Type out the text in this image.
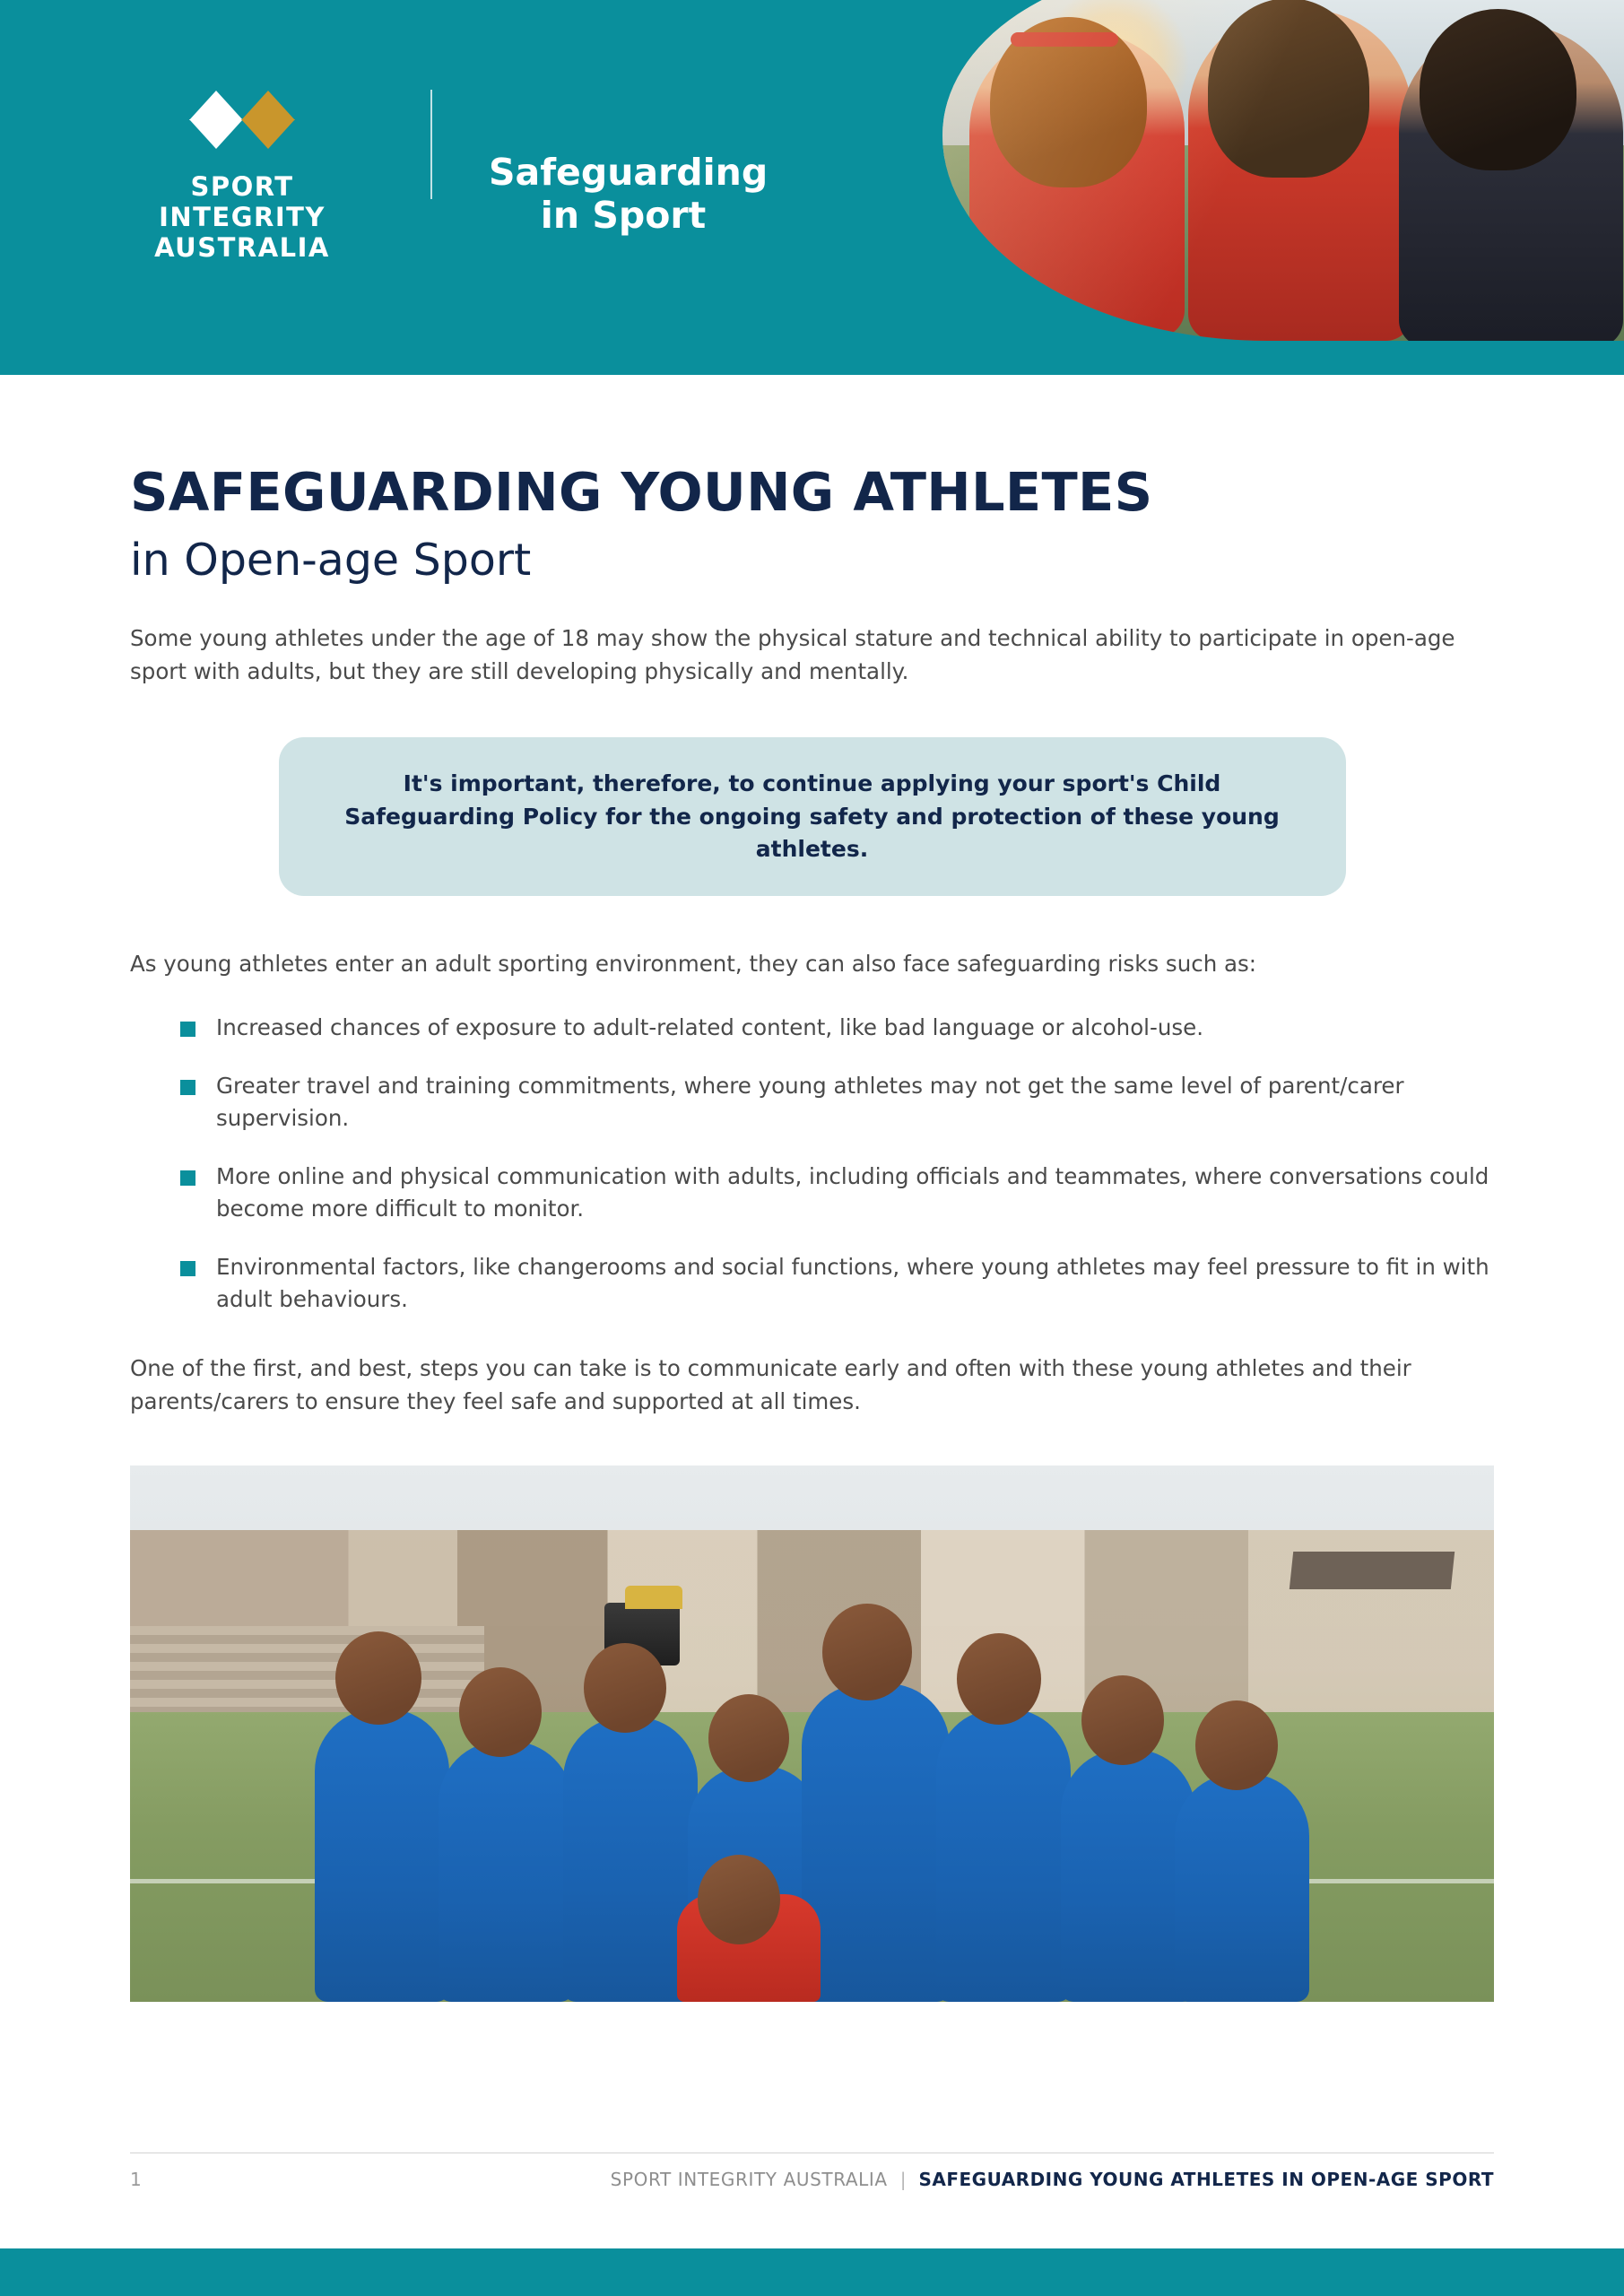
SPORT INTEGRITY
AUSTRALIA
Safeguarding
in Sport
SAFEGUARDING YOUNG ATHLETES
in Open-age Sport

Some young athletes under the age of 18 may show the physical stature and technical ability to participate in open-age sport with adults, but they are still developing physically and mentally.

It's important, therefore, to continue applying your sport's Child Safeguarding Policy for the ongoing safety and protection of these young athletes.

As young athletes enter an adult sporting environment, they can also face safeguarding risks such as:

Increased chances of exposure to adult-related content, like bad language or alcohol-use.
Greater travel and training commitments, where young athletes may not get the same level of parent/carer supervision.
More online and physical communication with adults, including officials and teammates, where conversations could become more difficult to monitor.
Environmental factors, like changerooms and social functions, where young athletes may feel pressure to fit in with adult behaviours.

One of the first, and best, steps you can take is to communicate early and often with these young athletes and their parents/carers to ensure they feel safe and supported at all times.

1	SPORT INTEGRITY AUSTRALIA | SAFEGUARDING YOUNG ATHLETES IN OPEN-AGE SPORT
